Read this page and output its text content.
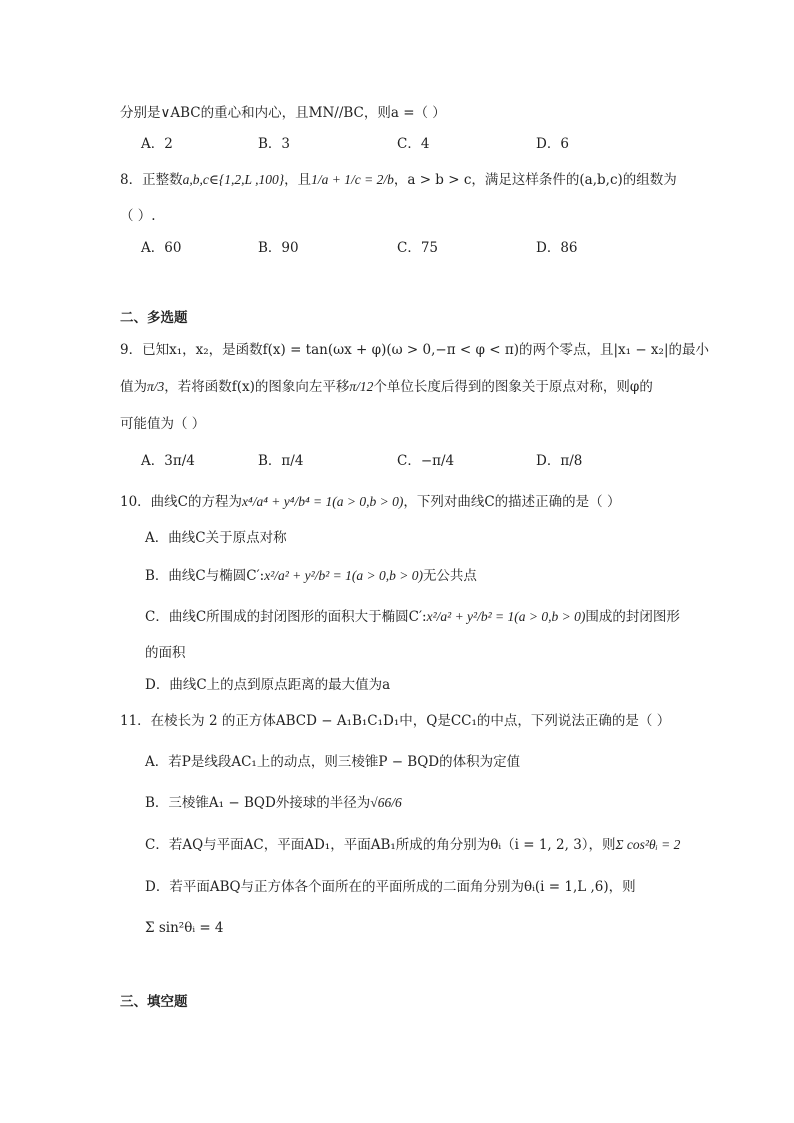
分别是∨ABC的重心和内心，且MN//BC，则a =（ ）
A．2	B．3	C．4	D．6
8．正整数a,b,c∈{1,2,L ,100}，且1/a + 1/c = 2/b，a > b > c，满足这样条件的(a,b,c)的组数为
（ ）.
A．60	B．90	C．75	D．86
二、多选题
9．已知x₁，x₂，是函数f(x) = tan(ωx + φ)(ω > 0,−π < φ < π)的两个零点，且|x₁ − x₂|的最小
值为π/3，若将函数f(x)的图象向左平移π/12个单位长度后得到的图象关于原点对称，则φ的
可能值为（ ）
A．3π/4	B．π/4	C．−π/4	D．π/8
10．曲线C的方程为x⁴/a⁴ + y⁴/b⁴ = 1(a > 0,b > 0)，下列对曲线C的描述正确的是（ ）
A．曲线C关于原点对称
B．曲线C与椭圆C′:x²/a² + y²/b² = 1(a > 0,b > 0)无公共点
C．曲线C所围成的封闭图形的面积大于椭圆C′:x²/a² + y²/b² = 1(a > 0,b > 0)围成的封闭图形
的面积
D．曲线C上的点到原点距离的最大值为a
11．在棱长为 2 的正方体ABCD − A₁B₁C₁D₁中，Q是CC₁的中点，下列说法正确的是（ ）
A．若P是线段AC₁上的动点，则三棱锥P − BQD的体积为定值
B．三棱锥A₁ − BQD外接球的半径为√66/6
C．若AQ与平面AC，平面AD₁，平面AB₁所成的角分别为θᵢ（i = 1, 2, 3），则Σ cos²θᵢ = 2
D．若平面ABQ与正方体各个面所在的平面所成的二面角分别为θᵢ(i = 1,L ,6)，则
Σ sin²θᵢ = 4
三、填空题
